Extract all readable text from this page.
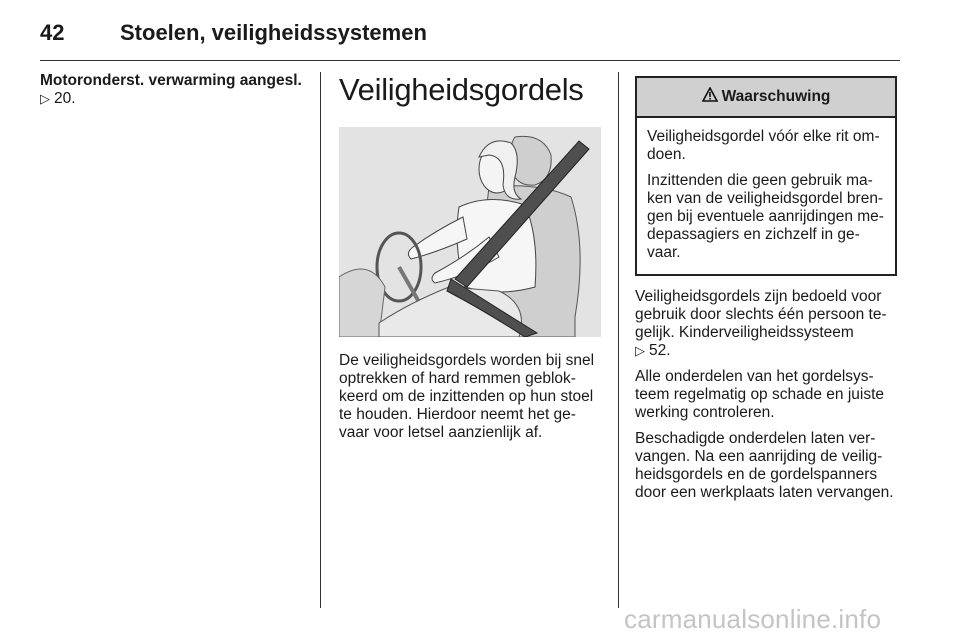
42	Stoelen, veiligheidssystemen
Motoronderst. verwarming aangesl.
▷ 20.	Veiligheidsgordels
De veiligheidsgordels worden bij snel
optrekken of hard remmen geblok-
keerd om de inzittenden op hun stoel
te houden. Hierdoor neemt het ge-
vaar voor letsel aanzienlijk af.
Waarschuwing

Veiligheidsgordel vóór elke rit om-
doen.

Inzittenden die geen gebruik ma-
ken van de veiligheidsgordel bren-
gen bij eventuele aanrijdingen me-
depassagiers en zichzelf in ge-
vaar.

Veiligheidsgordels zijn bedoeld voor
gebruik door slechts één persoon te-
gelijk. Kinderveiligheidssysteem
▷ 52.

Alle onderdelen van het gordelsys-
teem regelmatig op schade en juiste
werking controleren.

Beschadigde onderdelen laten ver-
vangen. Na een aanrijding de veilig-
heidsgordels en de gordelspanners
door een werkplaats laten vervangen.

carmanualsonline.info
